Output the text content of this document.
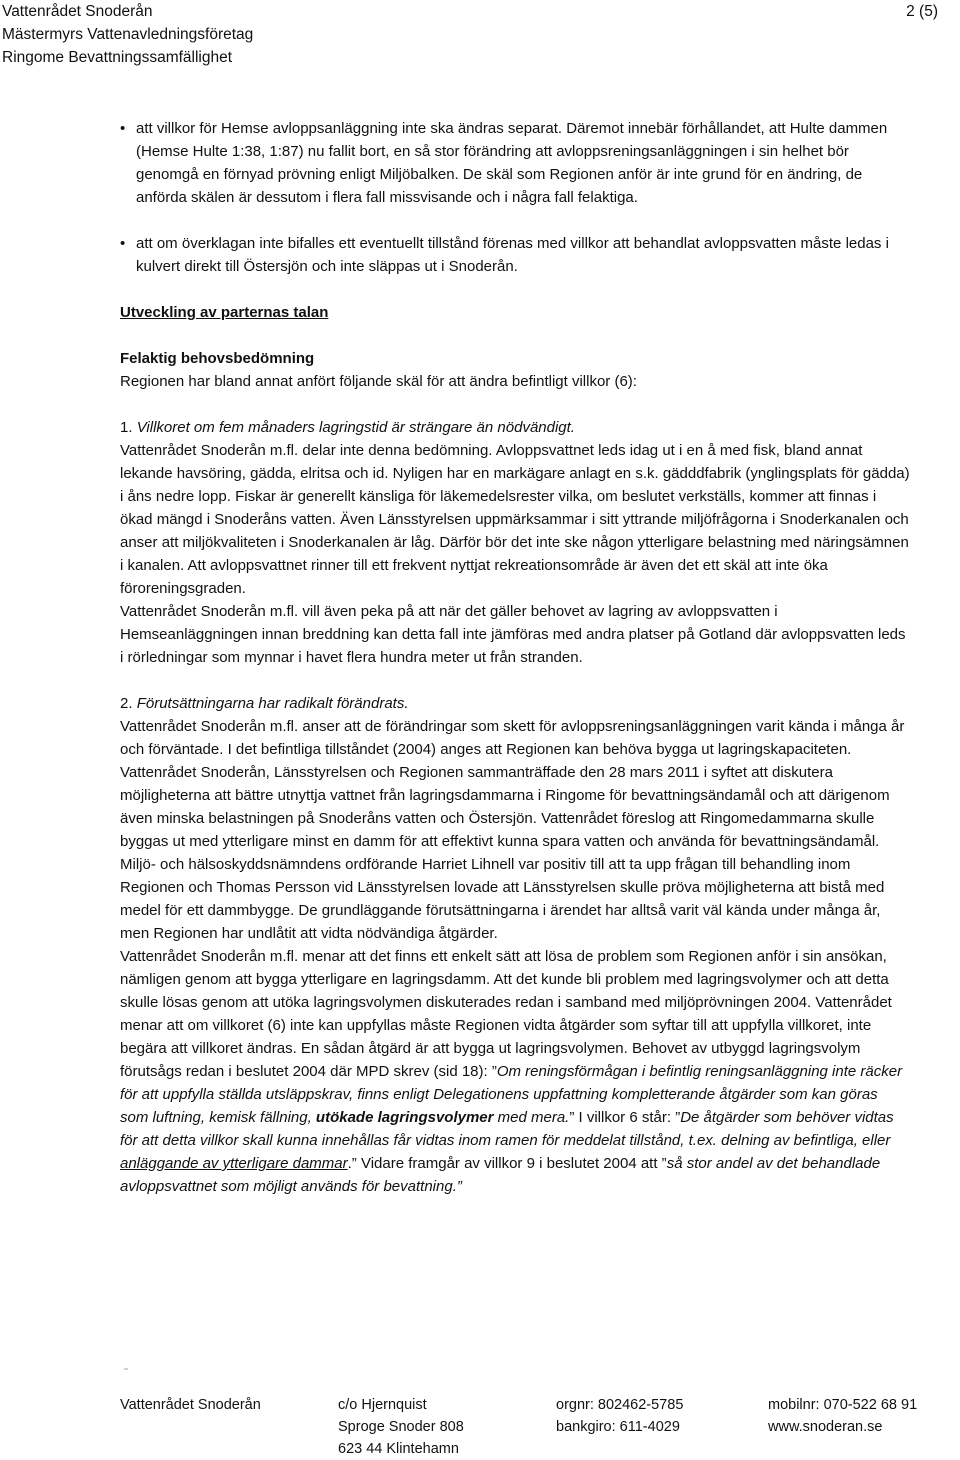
Vattenrådet Snoderån
Mästermyrs Vattenavledningsföretag
Ringome Bevattningssamfällighet
2 (5)
• att villkor för Hemse avloppsanläggning inte ska ändras separat. Däremot innebär förhållandet, att Hulte dammen (Hemse Hulte 1:38, 1:87) nu fallit bort, en så stor förändring att avloppsreningsanläggningen i sin helhet bör genomgå en förnyad prövning enligt Miljöbalken. De skäl som Regionen anför är inte grund för en ändring, de anförda skälen är dessutom i flera fall missvisande och i några fall felaktiga.
• att om överklagan inte bifalles ett eventuellt tillstånd förenas med villkor att behandlat avloppsvatten måste ledas i kulvert direkt till Östersjön och inte släppas ut i Snoderån.

Utveckling av parternas talan

Felaktig behovsbedömning

Regionen har bland annat anfört följande skäl för att ändra befintligt villkor (6):

1. Villkoret om fem månaders lagringstid är strängare än nödvändigt.

Vattenrådet Snoderån m.fl. delar inte denna bedömning. Avloppsvattnet leds idag ut i en å med fisk, bland annat lekande havsöring, gädda, elritsa och id. Nyligen har en markägare anlagt en s.k. gädddfabrik (ynglingsplats för gädda) i åns nedre lopp. Fiskar är generellt känsliga för läkemedelsrester vilka, om beslutet verkställs, kommer att finnas i ökad mängd i Snoderåns vatten. Även Länsstyrelsen uppmärksammar i sitt yttrande miljöfrågorna i Snoderkanalen och anser att miljökvaliteten i Snoderkanalen är låg. Därför bör det inte ske någon ytterligare belastning med näringsämnen i kanalen. Att avloppsvattnet rinner till ett frekvent nyttjat rekreationsområde är även det ett skäl att inte öka föroreningsgraden.

Vattenrådet Snoderån m.fl. vill även peka på att när det gäller behovet av lagring av avloppsvatten i Hemseanläggningen innan breddning kan detta fall inte jämföras med andra platser på Gotland där avloppsvatten leds i rörledningar som mynnar i havet flera hundra meter ut från stranden.

2. Förutsättningarna har radikalt förändrats.

Vattenrådet Snoderån m.fl. anser att de förändringar som skett för avloppsreningsanläggningen varit kända i många år och förväntade. I det befintliga tillståndet (2004) anges att Regionen kan behöva bygga ut lagringskapaciteten. Vattenrådet Snoderån, Länsstyrelsen och Regionen sammanträffade den 28 mars 2011 i syftet att diskutera möjligheterna att bättre utnyttja vattnet från lagringsdammarna i Ringome för bevattningsändamål och att därigenom även minska belastningen på Snoderåns vatten och Östersjön. Vattenrådet föreslog att Ringomedammarna skulle byggas ut med ytterligare minst en damm för att effektivt kunna spara vatten och använda för bevattningsändamål. Miljö- och hälsoskyddsnämndens ordförande Harriet Lihnell var positiv till att ta upp frågan till behandling inom Regionen och Thomas Persson vid Länsstyrelsen lovade att Länsstyrelsen skulle pröva möjligheterna att bistå med medel för ett dammbygge. De grundläggande förutsättningarna i ärendet har alltså varit väl kända under många år, men Regionen har undlåtit att vidta nödvändiga åtgärder.

Vattenrådet Snoderån m.fl. menar att det finns ett enkelt sätt att lösa de problem som Regionen anför i sin ansökan, nämligen genom att bygga ytterligare en lagringsdamm. Att det kunde bli problem med lagringsvolymer och att detta skulle lösas genom att utöka lagringsvolymen diskuterades redan i samband med miljöprövningen 2004. Vattenrådet menar att om villkoret (6) inte kan uppfyllas måste Regionen vidta åtgärder som syftar till att uppfylla villkoret, inte begära att villkoret ändras. En sådan åtgärd är att bygga ut lagringsvolymen. Behovet av utbyggd lagringsvolym förutsågs redan i beslutet 2004 där MPD skrev (sid 18): ”Om reningsförmågan i befintlig reningsanläggning inte räcker för att uppfylla ställda utsläppskrav, finns enligt Delegationens uppfattning kompletterande åtgärder som kan göras som luftning, kemisk fällning, utökade lagringsvolymer med mera.” I villkor 6 står: ”De åtgärder som behöver vidtas för att detta villkor skall kunna innehållas får vidtas inom ramen för meddelat tillstånd, t.ex. delning av befintliga, eller anläggande av ytterligare dammar.” Vidare framgår av villkor 9 i beslutet 2004 att ”så stor andel av det behandlade avloppsvattnet som möjligt används för bevattning.”

Vattenrådet Snoderån	c/o Hjernquist
Sproge Snoder 808
623 44 Klintehamn
orgnr: 802462-5785
bankgiro: 611-4029
mobilnr: 070-522 68 91
www.snoderan.se
